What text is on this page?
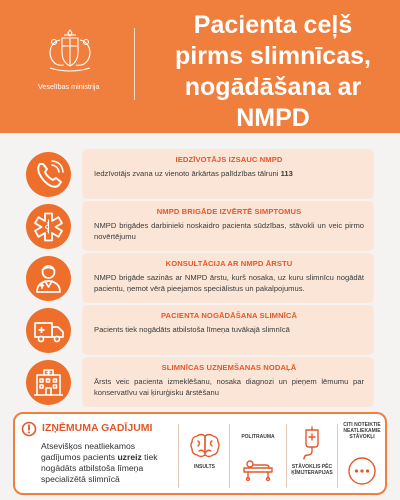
Veselības ministrija
Pacienta ceļš
pirms slimnīcas,
nogādāšana ar
NMPD
IEDZĪVOTĀJS IZSAUC NMPD
Iedzīvotājs zvana uz vienoto ārkārtas palīdzības tālruni 113
NMPD BRIGĀDE IZVĒRTĒ SIMPTOMUS
NMPD brigādes darbinieki noskaidro pacienta sūdzības, stāvokli un veic pirmo novērtējumu
KONSULTĀCIJA AR NMPD ĀRSTU
NMPD brigāde sazinās ar NMPD ārstu, kurš nosaka, uz kuru slimnīcu nogādāt pacientu, ņemot vērā pieejamos speciālistus un pakalpojumus.
PACIENTA NOGĀDĀŠANA SLIMNĪCĀ
Pacients tiek nogādāts atbilstoša līmeņa tuvākajā slimnīcā
SLIMNĪCAS UZŅEMŠANAS NODAĻĀ
Ārsts veic pacienta izmeklēšanu, nosaka diagnozi un pieņem lēmumu par konservatīvu vai ķirurģisku ārstēšanu
IZŅĒMUMA GADĪJUMI
Atsevišķos neatliekamos gadījumos pacients uzreiz tiek nogādāts atbilstoša līmeņa specializētā slimnīcā
INSULTS
POLITRAUMA
STĀVOKLIS PĒC ĶĪMIJTERAPIJAS
CITI NOTEIKTIE NEATLIEKAMIE STĀVOKĻI
